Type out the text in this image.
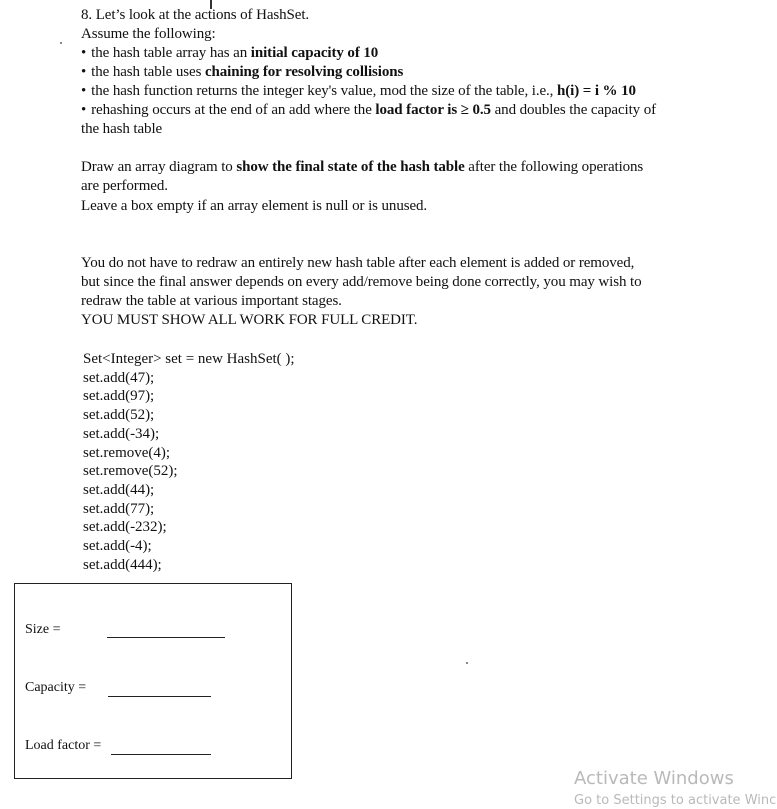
8. Let’s look at the actions of HashSet.
Assume the following:
• the hash table array has an initial capacity of 10
• the hash table uses chaining for resolving collisions
• the hash function returns the integer key's value, mod the size of the table, i.e., h(i) = i % 10
• rehashing occurs at the end of an add where the load factor is ≥ 0.5 and doubles the capacity of
the hash table
Draw an array diagram to show the final state of the hash table after the following operations
are performed.
Leave a box empty if an array element is null or is unused.
You do not have to redraw an entirely new hash table after each element is added or removed,
but since the final answer depends on every add/remove being done correctly, you may wish to
redraw the table at various important stages.
YOU MUST SHOW ALL WORK FOR FULL CREDIT.
Set<Integer> set = new HashSet( );
set.add(47);
set.add(97);
set.add(52);
set.add(-34);
set.remove(4);
set.remove(52);
set.add(44);
set.add(77);
set.add(-232);
set.add(-4);
set.add(444);
Size =
Capacity =
Load factor =
Activate Windows
Go to Settings to activate Winc
